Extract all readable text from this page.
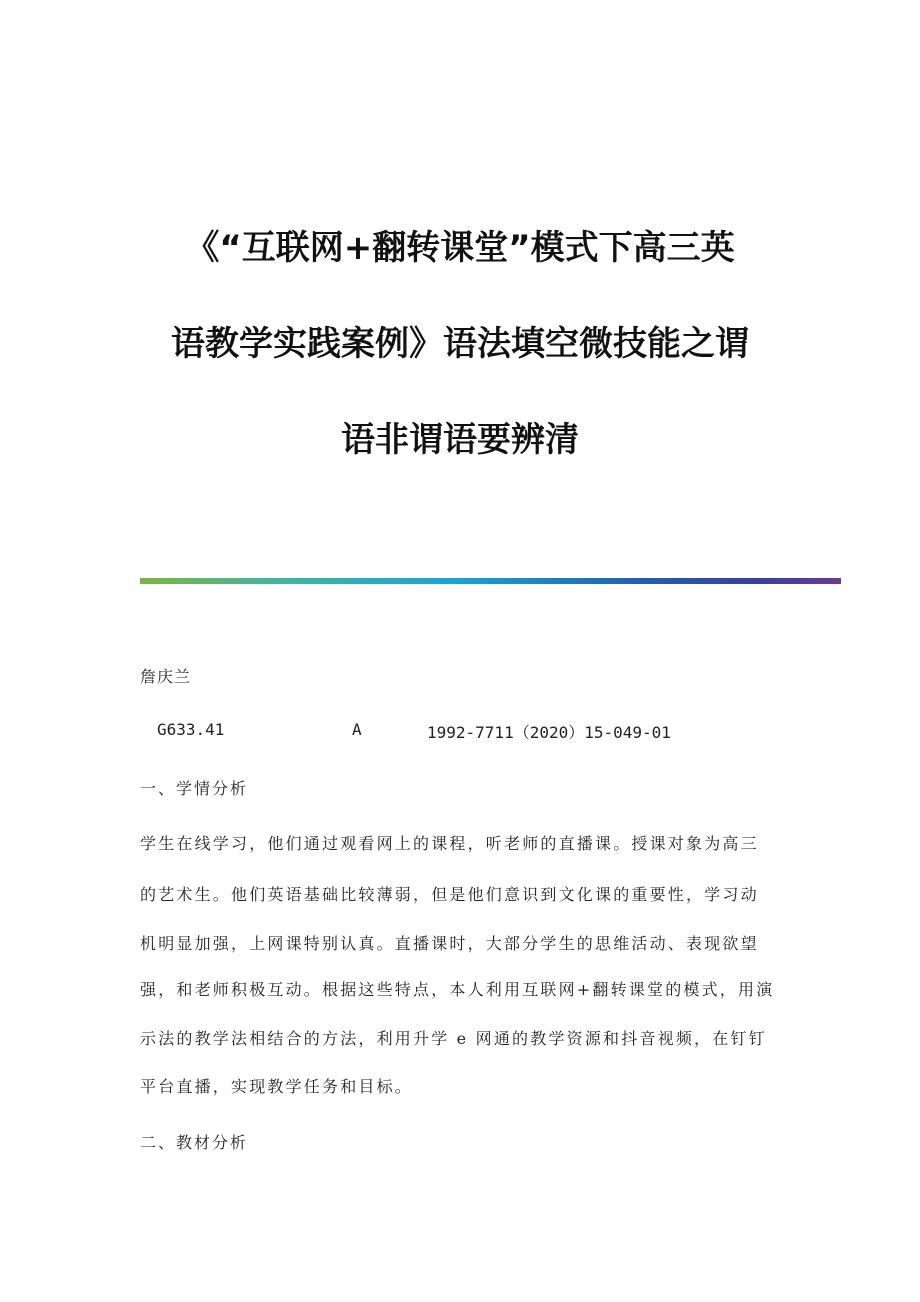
《“互联网+翻转课堂”模式下高三英
语教学实践案例》语法填空微技能之谓
语非谓语要辨清
詹庆兰
G633.41	A	1992-7711（2020）15-049-01
一、学情分析
学生在线学习，他们通过观看网上的课程，听老师的直播课。授课对象为高三
的艺术生。他们英语基础比较薄弱，但是他们意识到文化课的重要性，学习动
机明显加强，上网课特别认真。直播课时，大部分学生的思维活动、表现欲望
强，和老师积极互动。根据这些特点，本人利用互联网+翻转课堂的模式，用演
示法的教学法相结合的方法，利用升学 e 网通的教学资源和抖音视频，在钉钉
平台直播，实现教学任务和目标。
二、教材分析
